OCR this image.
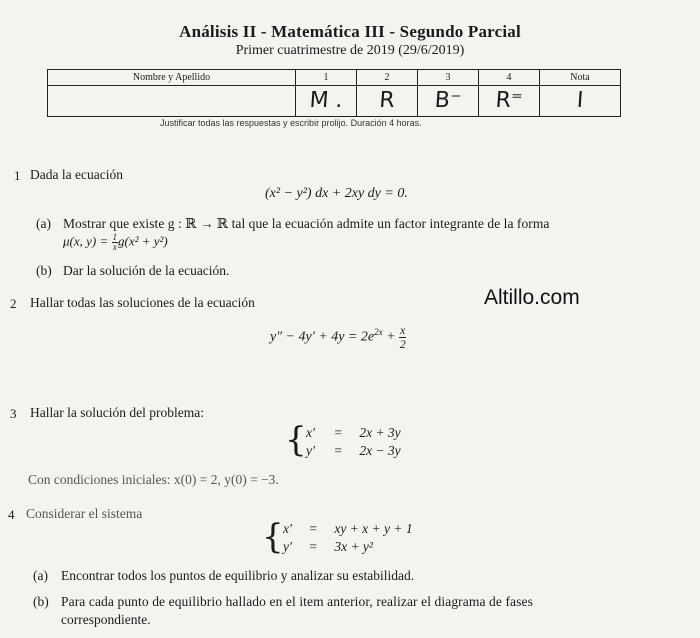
Análisis II - Matemática III - Segundo Parcial
Primer cuatrimestre de 2019 (29/6/2019)
Nombre y Apellido	1	2	3	4	Nota

	M .	R	B⁻	R⁼	I
Justificar todas las respuestas y escribir prolijo. Duración 4 horas.
1 Dada la ecuación
(x² − y²) dx + 2xy dy = 0.
(a) Mostrar que existe g : ℝ → ℝ tal que la ecuación admite un factor integrante de la forma
μ(x, $y) = \frac{1}{x} g(x^2 + y^2)$
(b) Dar la solución de la ecuación.
2 Hallar todas las soluciones de la ecuación	Altillo.com
$y'' - 4y' + 4y = 2e^{2x} + \frac{x}{2}$
3 Hallar la solución del problema:
{ x′ = 2x + 3y
y′ = 2x − 3y
Con condiciones iniciales: x(0) = 2, y(0) = −3.
4 Considerar el sistema
{ x′ = xy + x + y + 1
y′ = 3x + y²
(a) Encontrar todos los puntos de equilibrio y analizar su estabilidad.
(b) Para cada punto de equilibrio hallado en el item anterior, realizar el diagrama de fases
correspondiente.
